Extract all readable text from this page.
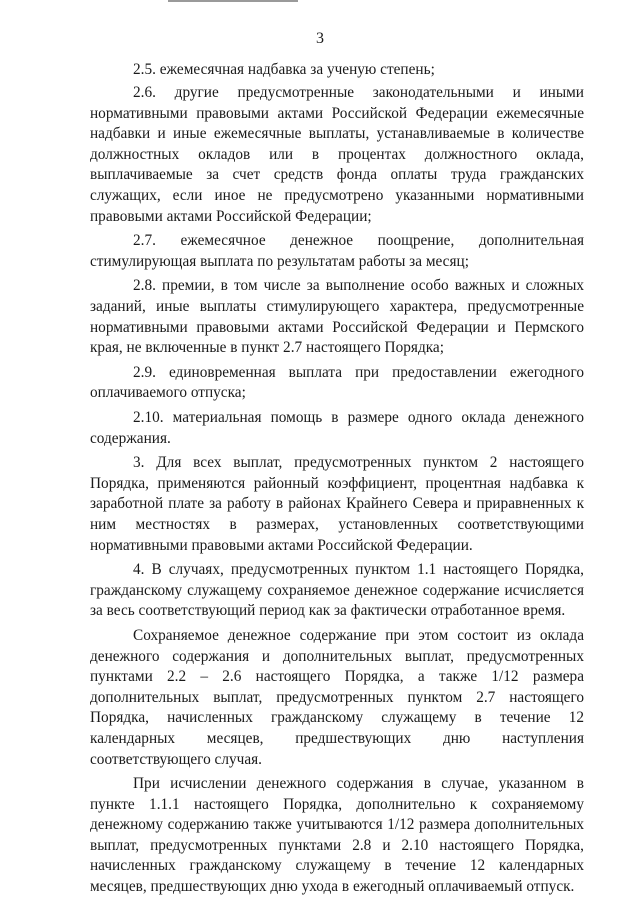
3

2.5. ежемесячная надбавка за ученую степень;

2.6. другие предусмотренные законодательными и иными нормативными правовыми актами Российской Федерации ежемесячные надбавки и иные ежемесячные выплаты, устанавливаемые в количестве должностных окладов или в процентах должностного оклада, выплачиваемые за счет средств фонда оплаты труда гражданских служащих, если иное не предусмотрено указанными нормативными правовыми актами Российской Федерации;

2.7. ежемесячное денежное поощрение, дополнительная стимулирующая выплата по результатам работы за месяц;

2.8. премии, в том числе за выполнение особо важных и сложных заданий, иные выплаты стимулирующего характера, предусмотренные нормативными правовыми актами Российской Федерации и Пермского края, не включенные в пункт 2.7 настоящего Порядка;

2.9. единовременная выплата при предоставлении ежегодного оплачиваемого отпуска;

2.10. материальная помощь в размере одного оклада денежного содержания.

3. Для всех выплат, предусмотренных пунктом 2 настоящего Порядка, применяются районный коэффициент, процентная надбавка к заработной плате за работу в районах Крайнего Севера и приравненных к ним местностях в размерах, установленных соответствующими нормативными правовыми актами Российской Федерации.

4. В случаях, предусмотренных пунктом 1.1 настоящего Порядка, гражданскому служащему сохраняемое денежное содержание исчисляется за весь соответствующий период как за фактически отработанное время.

Сохраняемое денежное содержание при этом состоит из оклада денежного содержания и дополнительных выплат, предусмотренных пунктами 2.2 – 2.6 настоящего Порядка, а также 1/12 размера дополнительных выплат, предусмотренных пунктом 2.7 настоящего Порядка, начисленных гражданскому служащему в течение 12 календарных месяцев, предшествующих дню наступления соответствующего случая.

При исчислении денежного содержания в случае, указанном в пункте 1.1.1 настоящего Порядка, дополнительно к сохраняемому денежному содержанию также учитываются 1/12 размера дополнительных выплат, предусмотренных пунктами 2.8 и 2.10 настоящего Порядка, начисленных гражданскому служащему в течение 12 календарных месяцев, предшествующих дню ухода в ежегодный оплачиваемый отпуск.
